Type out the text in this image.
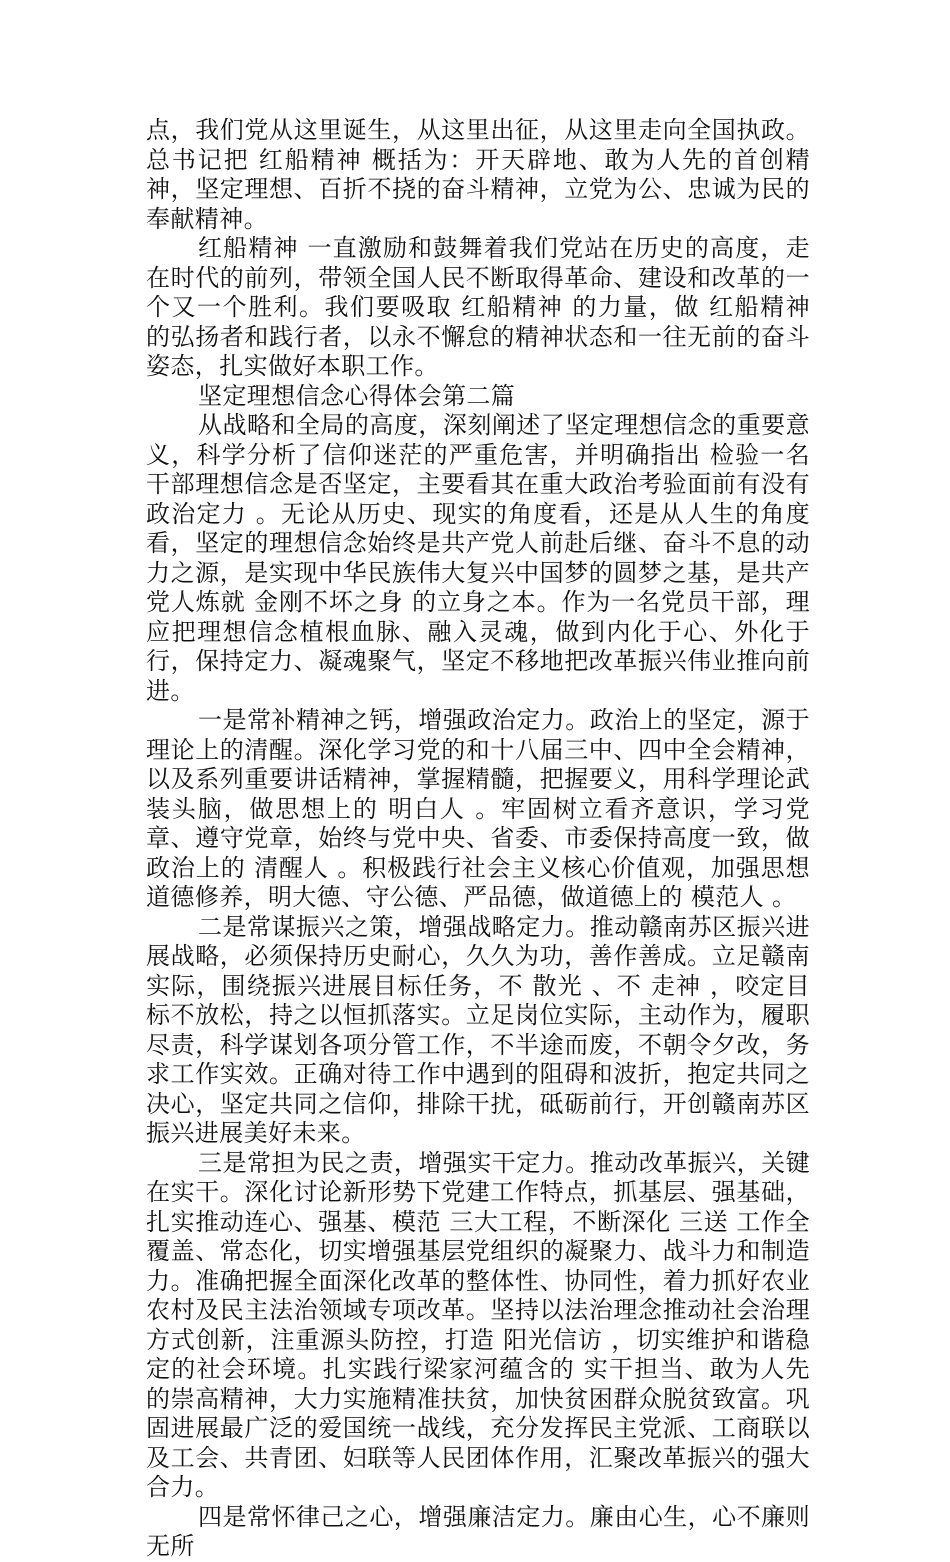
点，我们党从这里诞生，从这里出征，从这里走向全国执政。 总书记把 红船精神 概括为：开天辟地、敢为人先的首创精神，坚定理想、百折不挠的奋斗精神，立党为公、忠诚为民的奉献精神。

红船精神 一直激励和鼓舞着我们党站在历史的高度，走在时代的前列，带领全国人民不断取得革命、建设和改革的一个又一个胜利。我们要吸取 红船精神 的力量，做 红船精神 的弘扬者和践行者，以永不懈怠的精神状态和一往无前的奋斗姿态，扎实做好本职工作。

坚定理想信念心得体会第二篇

从战略和全局的高度，深刻阐述了坚定理想信念的重要意义，科学分析了信仰迷茫的严重危害，并明确指出 检验一名干部理想信念是否坚定，主要看其在重大政治考验面前有没有政治定力 。无论从历史、现实的角度看，还是从人生的角度看，坚定的理想信念始终是共产党人前赴后继、奋斗不息的动力之源，是实现中华民族伟大复兴中国梦的圆梦之基，是共产党人炼就 金刚不坏之身 的立身之本。作为一名党员干部，理应把理想信念植根血脉、融入灵魂，做到内化于心、外化于行，保持定力、凝魂聚气，坚定不移地把改革振兴伟业推向前进。

一是常补精神之钙，增强政治定力。政治上的坚定，源于理论上的清醒。深化学习党的和十八届三中、四中全会精神，以及系列重要讲话精神，掌握精髓，把握要义，用科学理论武装头脑，做思想上的 明白人 。牢固树立看齐意识，学习党章、遵守党章，始终与党中央、省委、市委保持高度一致，做政治上的 清醒人 。积极践行社会主义核心价值观，加强思想道德修养，明大德、守公德、严品德，做道德上的 模范人 。

二是常谋振兴之策，增强战略定力。推动赣南苏区振兴进展战略，必须保持历史耐心，久久为功，善作善成。立足赣南实际，围绕振兴进展目标任务，不 散光 、不 走神 ，咬定目标不放松，持之以恒抓落实。立足岗位实际，主动作为，履职尽责，科学谋划各项分管工作，不半途而废，不朝令夕改，务求工作实效。正确对待工作中遇到的阻碍和波折，抱定共同之决心，坚定共同之信仰，排除干扰，砥砺前行，开创赣南苏区振兴进展美好未来。

三是常担为民之责，增强实干定力。推动改革振兴，关键在实干。深化讨论新形势下党建工作特点，抓基层、强基础，扎实推动连心、强基、模范 三大工程，不断深化 三送 工作全覆盖、常态化，切实增强基层党组织的凝聚力、战斗力和制造力。准确把握全面深化改革的整体性、协同性，着力抓好农业农村及民主法治领域专项改革。坚持以法治理念推动社会治理方式创新，注重源头防控，打造 阳光信访 ，切实维护和谐稳定的社会环境。扎实践行梁家河蕴含的 实干担当、敢为人先 的崇高精神，大力实施精准扶贫，加快贫困群众脱贫致富。巩固进展最广泛的爱国统一战线，充分发挥民主党派、工商联以及工会、共青团、妇联等人民团体作用，汇聚改革振兴的强大合力。

四是常怀律己之心，增强廉洁定力。廉由心生，心不廉则无所
